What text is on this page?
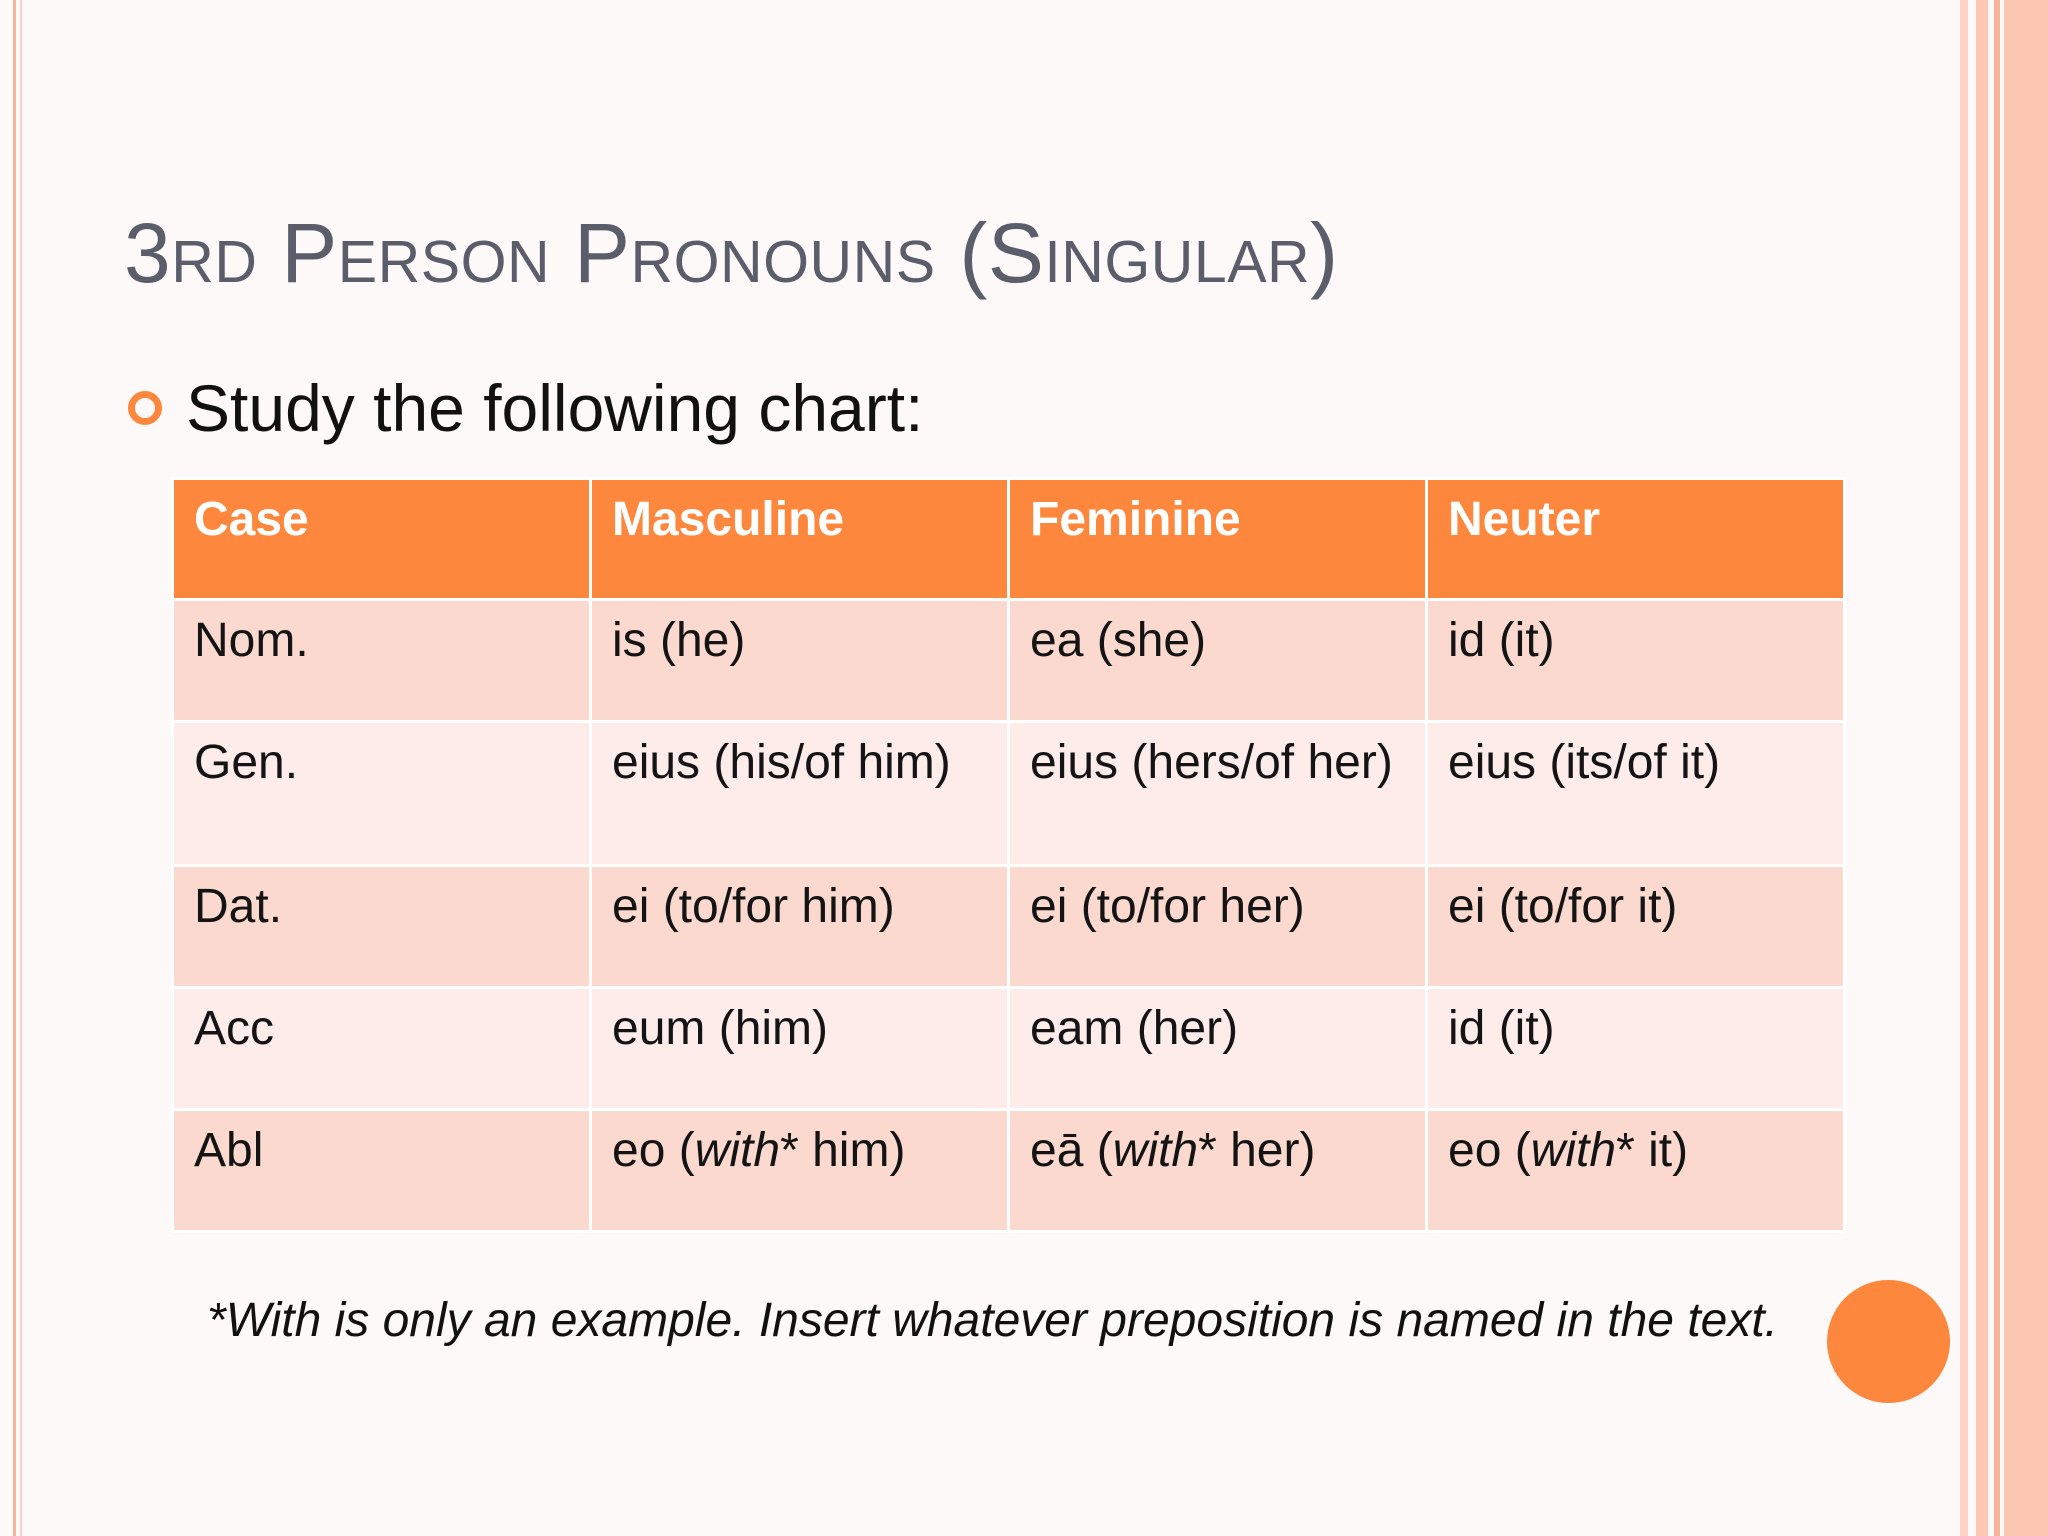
3rd Person Pronouns (Singular)
Study the following chart:
Case	Masculine	Feminine	Neuter
Nom.	is (he)	ea (she)	id (it)
Gen.	eius (his/of him)	eius (hers/of her)	eius (its/of it)
Dat.	ei (to/for him)	ei (to/for her)	ei (to/for it)
Acc	eum (him)	eam (her)	id (it)
Abl	eo (with* him)	eā (with* her)	eo (with* it)
*With is only an example. Insert whatever preposition is named in the text.
